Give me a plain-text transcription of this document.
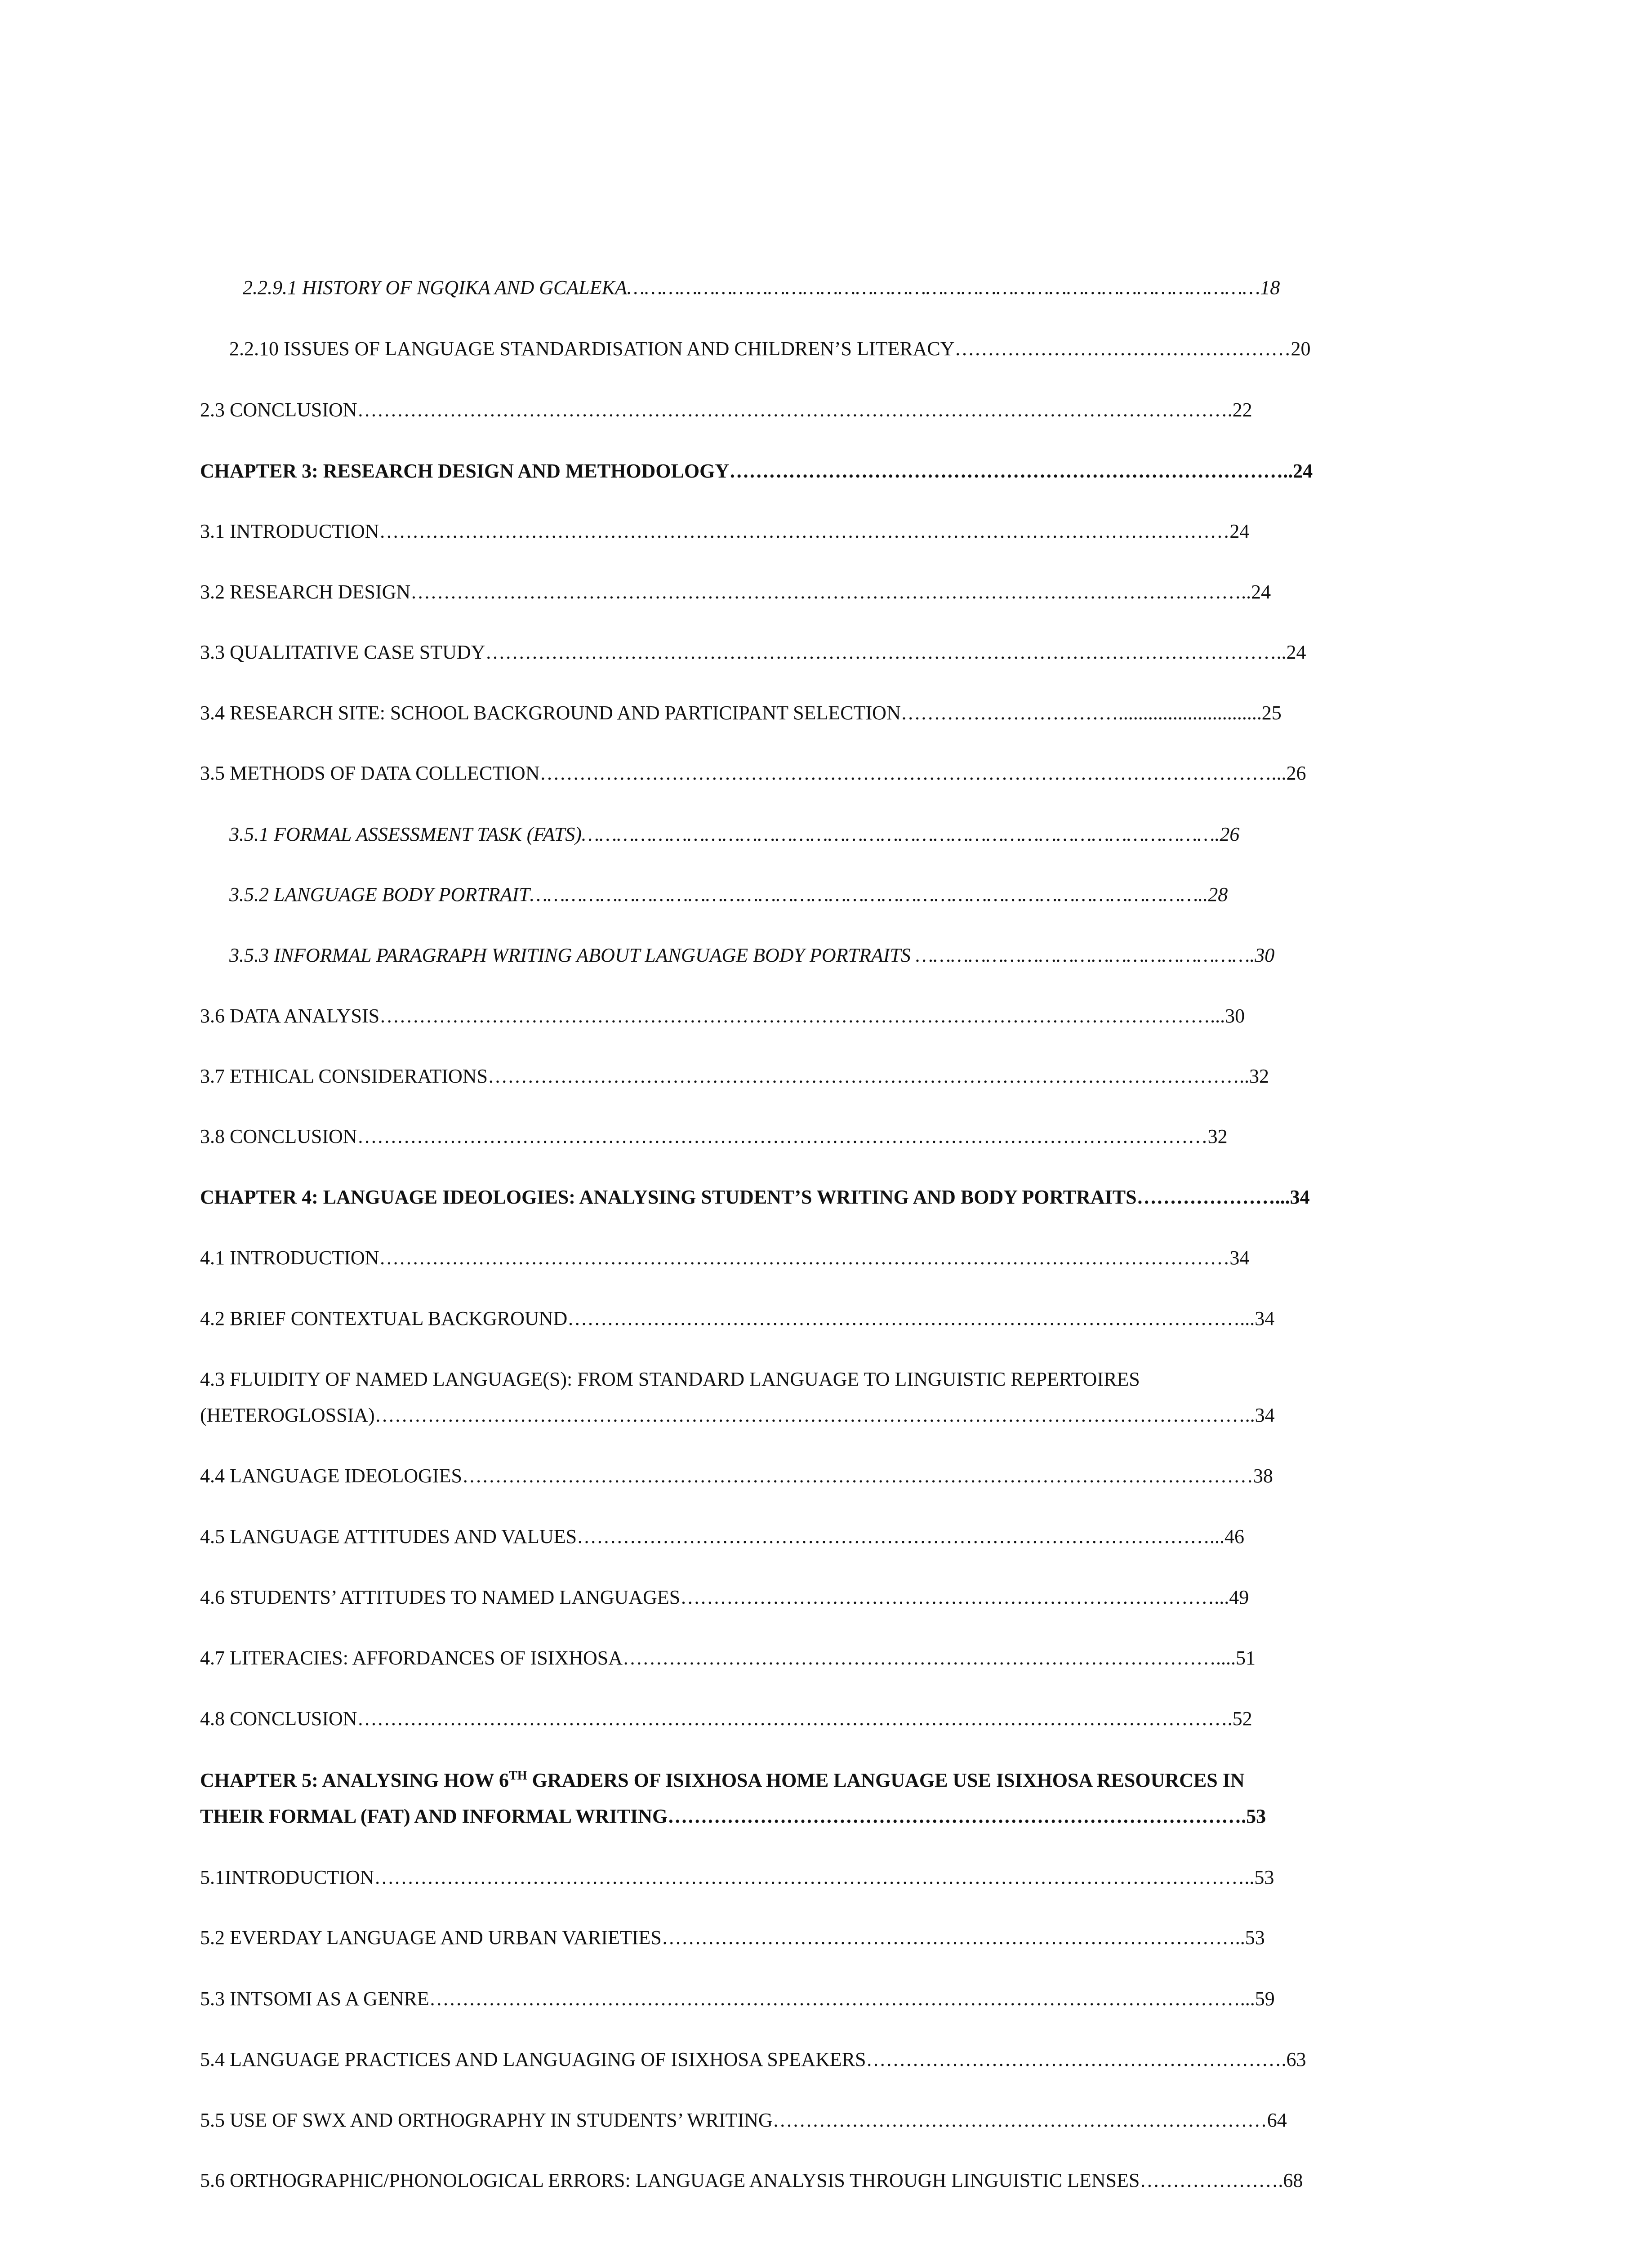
2.2.9.1 HISTORY OF NGQIKA AND GCALEKA………………………………………………………………………………………………18
2.2.10 ISSUES OF LANGUAGE STANDARDISATION AND CHILDREN’S LITERACY……………………………………………20
2.3 CONCLUSION…………………………………………………………………………………………………………………….22
CHAPTER 3: RESEARCH DESIGN AND METHODOLOGY…………………………………………………………………………..24
3.1 INTRODUCTION…………………………………………………………………………………………………………………24
3.2 RESEARCH DESIGN………………………………………………………………………………………………………………..24
3.3 QUALITATIVE CASE STUDY…………………………………………………………………………………………………………..24
3.4 RESEARCH SITE: SCHOOL BACKGROUND AND PARTICIPANT SELECTION…………………………….............................25
3.5 METHODS OF DATA COLLECTION…………………………………………………………………………………………………...26
3.5.1 FORMAL ASSESSMENT TASK (FATS)……………………………………………………………………………………………….26
3.5.2 LANGUAGE BODY PORTRAIT……………………………………………………………………………………………………..28
3.5.3 INFORMAL PARAGRAPH WRITING ABOUT LANGUAGE BODY PORTRAITS ………………………………………………….30
3.6 DATA ANALYSIS………………………………………………………………………………………………………………...30
3.7 ETHICAL CONSIDERATIONS……………………………………………………………………………………………………..32
3.8 CONCLUSION…………………………………………………………………………………………………………………32
CHAPTER 4: LANGUAGE IDEOLOGIES: ANALYSING STUDENT’S WRITING AND BODY PORTRAITS…………………...34
4.1 INTRODUCTION…………………………………………………………………………………………………………………34
4.2 BRIEF CONTEXTUAL BACKGROUND…………………………………………………………………………………………...34
4.3 FLUIDITY OF NAMED LANGUAGE(S): FROM STANDARD LANGUAGE TO LINGUISTIC REPERTOIRES
(HETEROGLOSSIA)……………………………………………………………………………………………………………………..34
4.4 LANGUAGE IDEOLOGIES…………………………………………………………………………………………………………38
4.5 LANGUAGE ATTITUDES AND VALUES……………………………………………………………………………………...46
4.6 STUDENTS’ ATTITUDES TO NAMED LANGUAGES………………………………………………………………………...49
4.7 LITERACIES: AFFORDANCES OF ISIXHOSA………………………………………………………………………………....51
4.8 CONCLUSION…………………………………………………………………………………………………………………….52
CHAPTER 5: ANALYSING HOW 6TH GRADERS OF ISIXHOSA HOME LANGUAGE USE ISIXHOSA RESOURCES IN
THEIR FORMAL (FAT) AND INFORMAL WRITING…………………………………………………………………………….53
5.1INTRODUCTION……………………………………………………………………………………………………………………..53
5.2 EVERDAY LANGUAGE AND URBAN VARIETIES……………………………………………………………………………..53
5.3 INTSOMI AS A GENRE……………………………………………………………………………………………………………...59
5.4 LANGUAGE PRACTICES AND LANGUAGING OF ISIXHOSA SPEAKERS……………………………………………………….63
5.5 USE OF SWX AND ORTHOGRAPHY IN STUDENTS’ WRITING…………………………………………………………………64
5.6 ORTHOGRAPHIC/PHONOLOGICAL ERRORS: LANGUAGE ANALYSIS THROUGH LINGUISTIC LENSES………………….68
